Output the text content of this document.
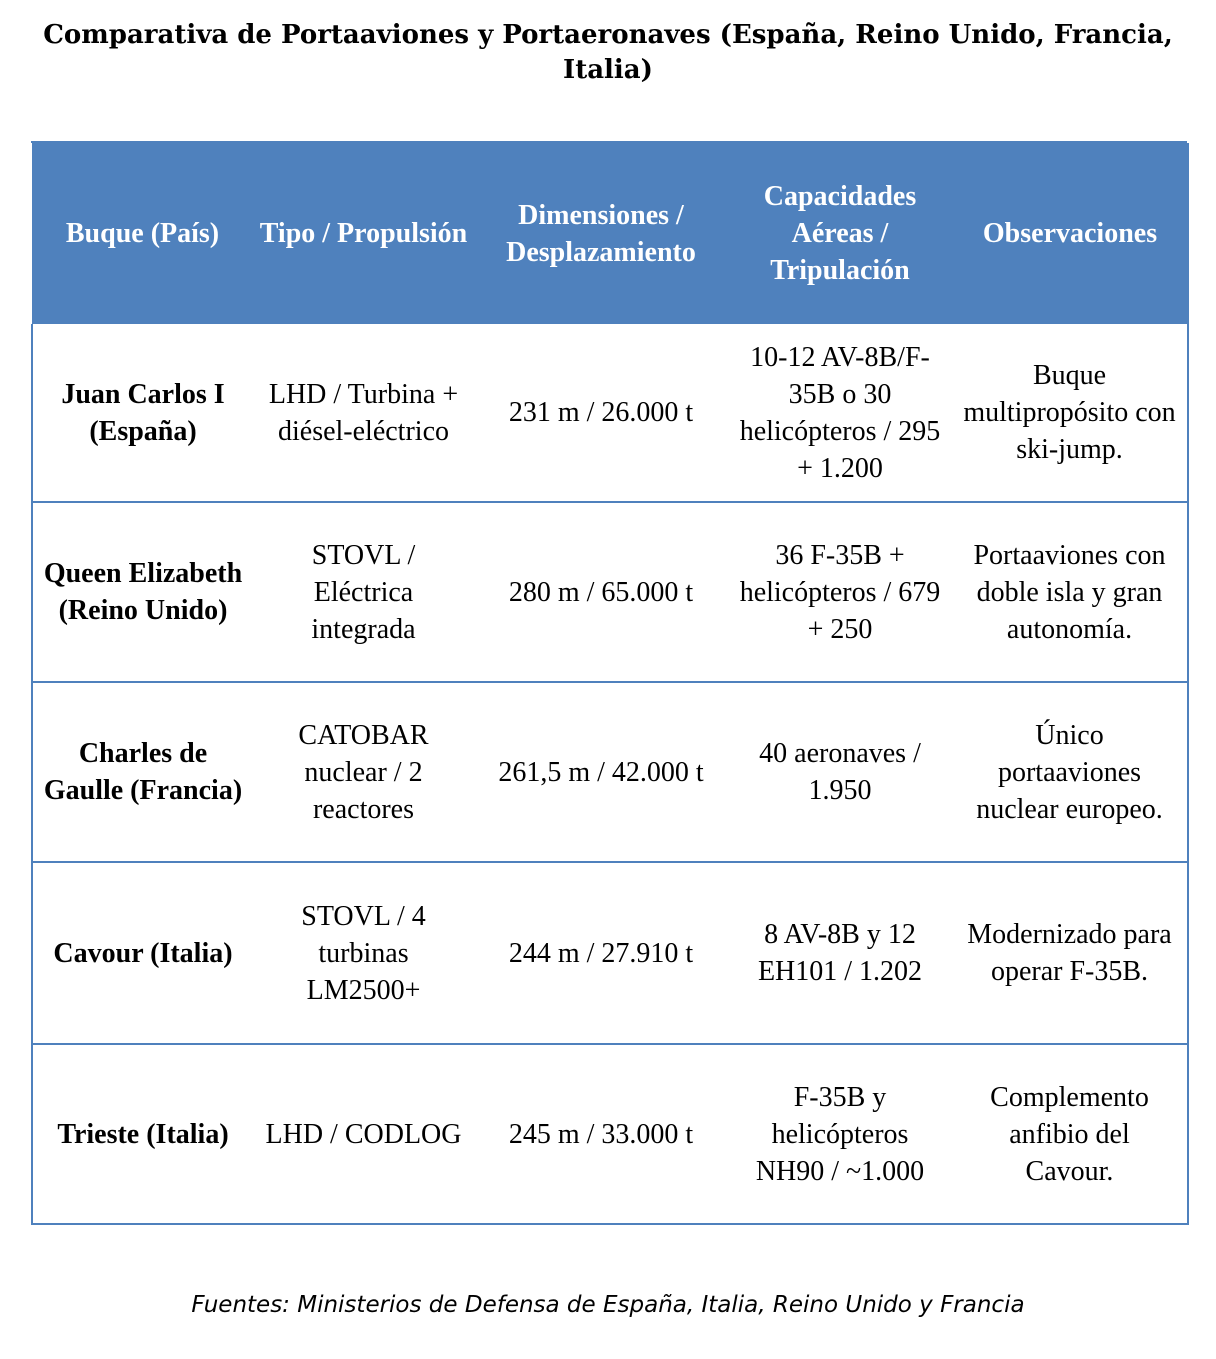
Comparativa de Portaaviones y Portaeronaves (España, Reino Unido, Francia, Italia)
Buque (País)	Tipo / Propulsión	Dimensiones / Desplazamiento	Capacidades Aéreas / Tripulación	Observaciones
Juan Carlos I (España)	LHD / Turbina + diésel-eléctrico	231 m / 26.000 t	10-12 AV-8B/F-35B o 30 helicópteros / 295 + 1.200	Buque multipropósito con ski-jump.
Queen Elizabeth (Reino Unido)	STOVL / Eléctrica integrada	280 m / 65.000 t	36 F-35B + helicópteros / 679 + 250	Portaaviones con doble isla y gran autonomía.
Charles de Gaulle (Francia)	CATOBAR nuclear / 2 reactores	261,5 m / 42.000 t	40 aeronaves / 1.950	Único portaaviones nuclear europeo.
Cavour (Italia)	STOVL / 4 turbinas LM2500+	244 m / 27.910 t	8 AV-8B y 12 EH101 / 1.202	Modernizado para operar F-35B.
Trieste (Italia)	LHD / CODLOG	245 m / 33.000 t	F-35B y helicópteros NH90 / ~1.000	Complemento anfibio del Cavour.
Fuentes: Ministerios de Defensa de España, Italia, Reino Unido y Francia
